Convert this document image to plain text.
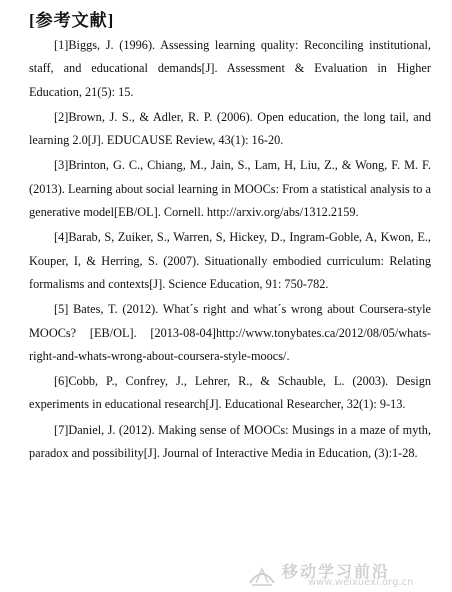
[参考文献]

[1]Biggs, J. (1996). Assessing learning quality: Reconciling institutional, staff, and educational demands[J]. Assessment & Evaluation in Higher Education, 21(5): 15.

[2]Brown, J. S., & Adler, R. P. (2006). Open education, the long tail, and learning 2.0[J]. EDUCAUSE Review, 43(1): 16-20.

[3]Brinton, G. C., Chiang, M., Jain, S., Lam, H, Liu, Z., & Wong, F. M. F. (2013). Learning about social learning in MOOCs: From a statistical analysis to a generative model[EB/OL]. Cornell. http://arxiv.org/abs/1312.2159.

[4]Barab, S, Zuiker, S., Warren, S, Hickey, D., Ingram-Goble, A, Kwon, E., Kouper, I, & Herring, S. (2007). Situationally embodied curriculum: Relating formalisms and contexts[J]. Science Education, 91: 750-782.

[5] Bates, T. (2012). What´s right and what´s wrong about Coursera-style MOOCs? [EB/OL]. [2013-08-04]http://www.tonybates.ca/2012/08/05/whats-right-and-whats-wrong-about-coursera-style-moocs/.

[6]Cobb, P., Confrey, J., Lehrer, R., & Schauble, L. (2003). Design experiments in educational research[J]. Educational Researcher, 32(1): 9-13.

[7]Daniel, J. (2012). Making sense of MOOCs: Musings in a maze of myth, paradox and possibility[J]. Journal of Interactive Media in Education, (3):1-28.

移动学习前沿
www.weixuexi.org.cn
